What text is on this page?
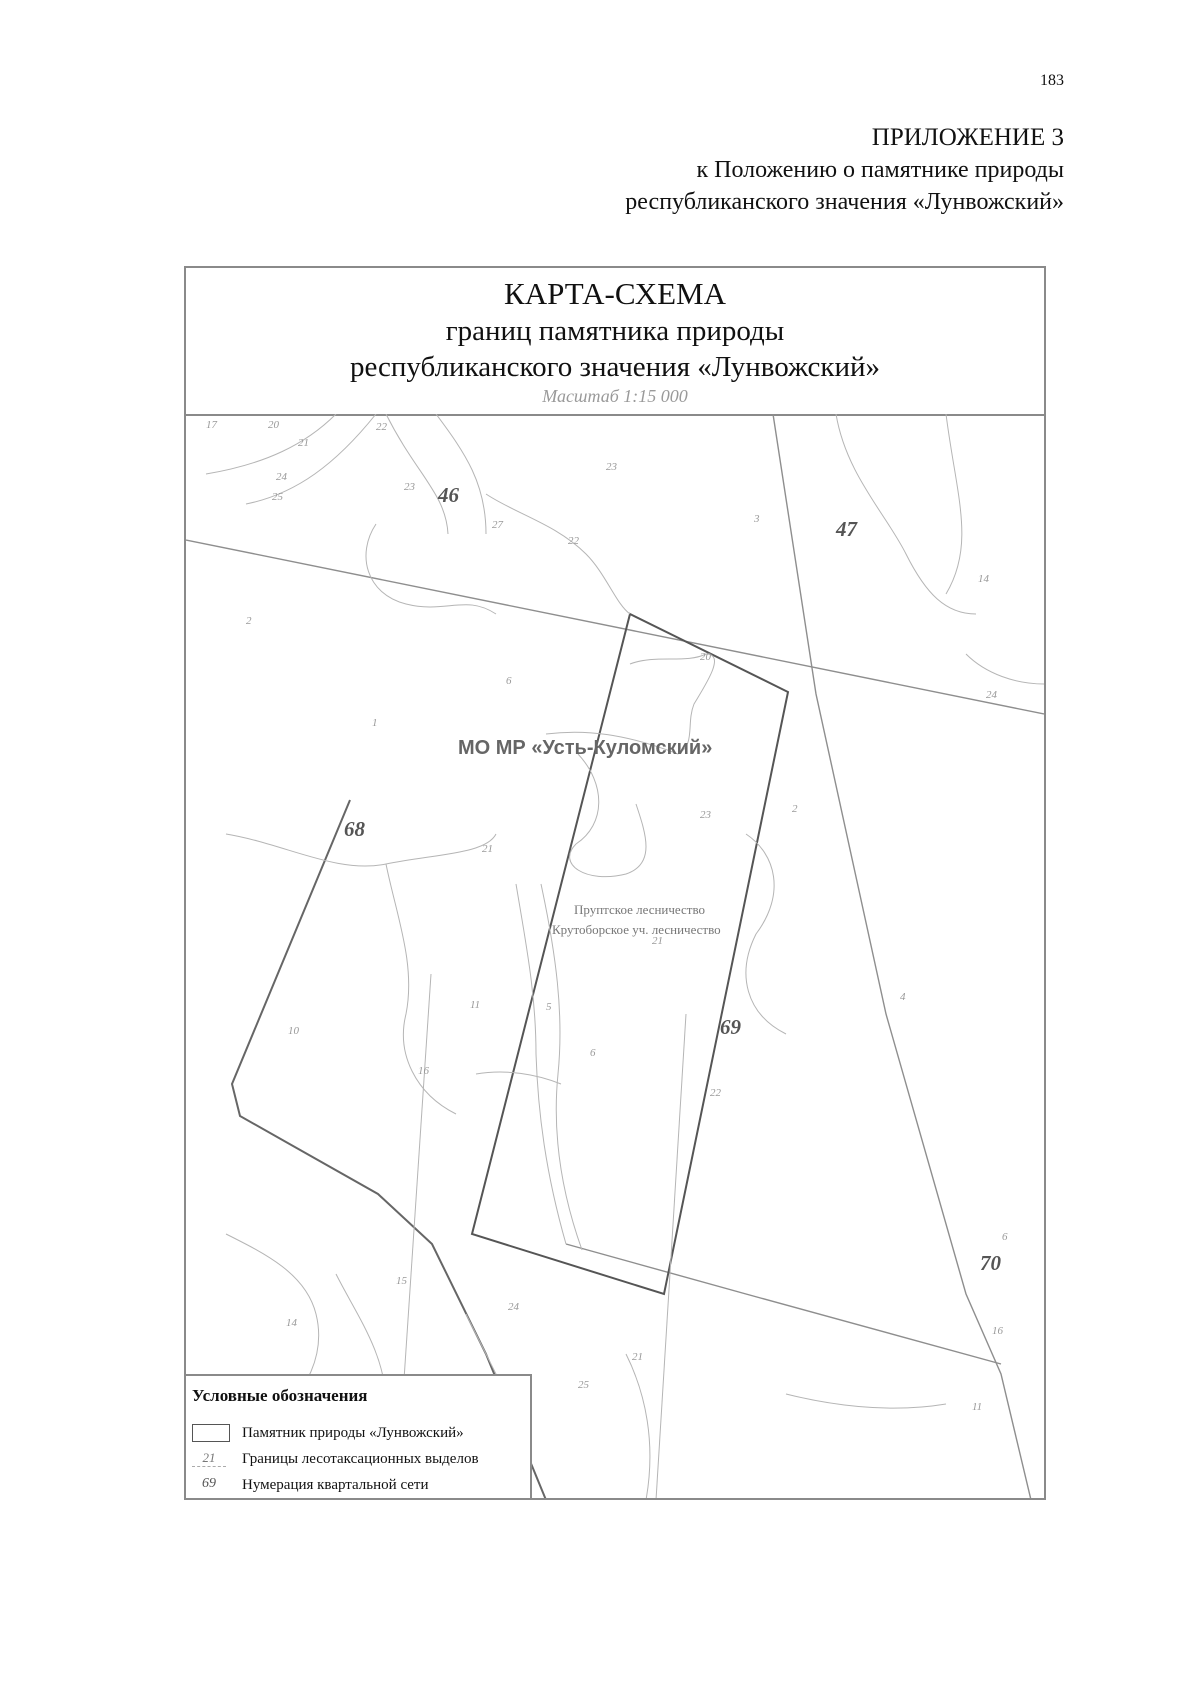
183
ПРИЛОЖЕНИЕ 3
к Положению о памятнике природы
республиканского значения «Лунвожский»
КАРТА-СХЕМА
границ памятника природы
республиканского значения «Лунвожский»
Масштаб 1:15 000
46
47
68
69
70
17	20
21
22
24
25
23
27
22
6
1
2
3
23
20
24
23
14
21
2
5
6
21
22
4
10
16
11
15
14
24
21
25
6
16
11
МО МР «Усть-Куломский»
Пруптское лесничество
Крутоборское уч. лесничество
Условные обозначения
Памятник природы «Лунвожский»
21	Границы лесотаксационных выделов
69	Нумерация квартальной сети
